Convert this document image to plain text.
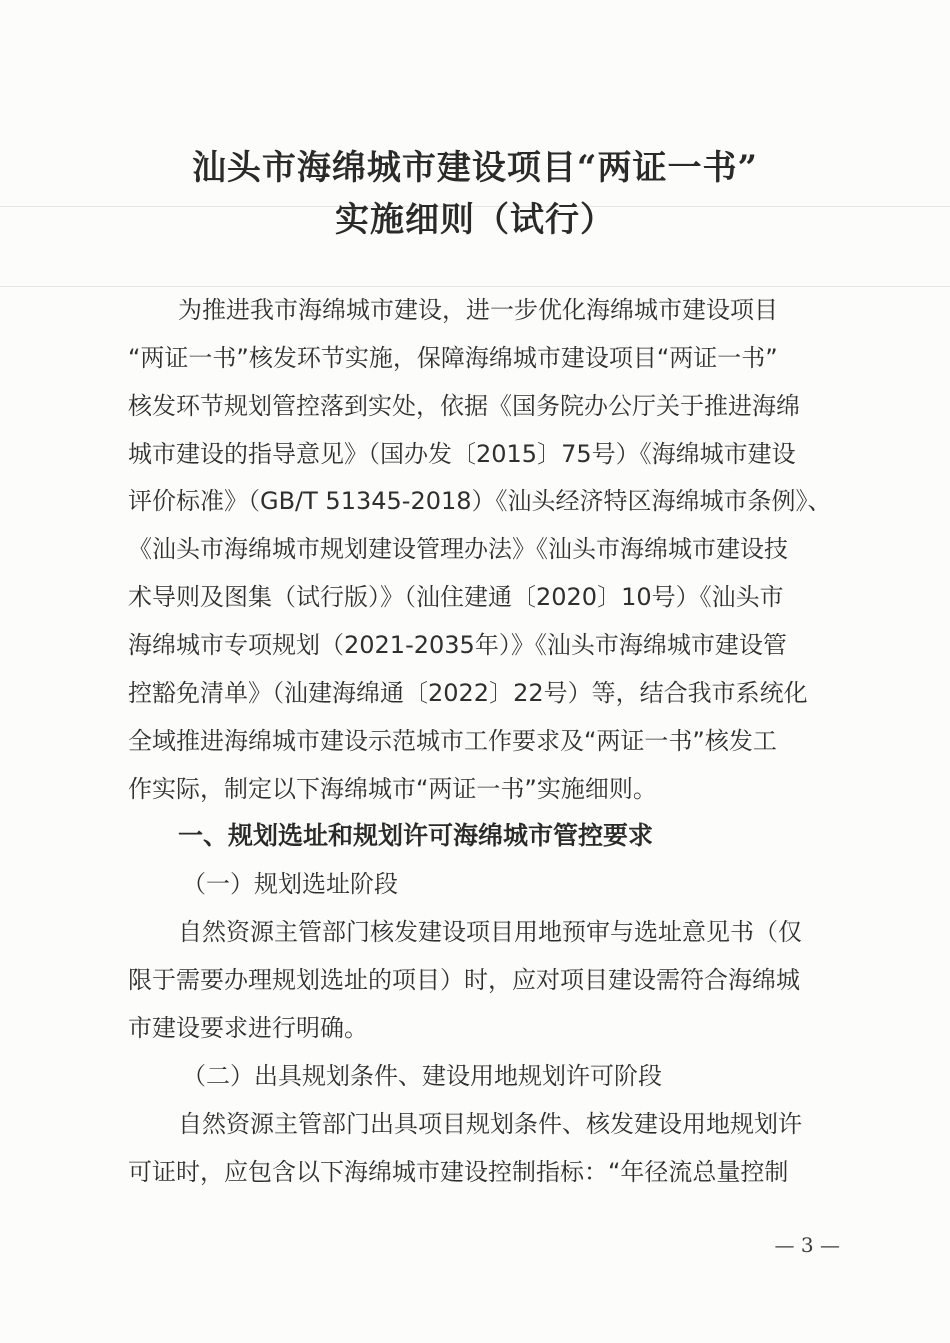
汕头市海绵城市建设项目“两证一书”
实施细则（试行）
为推进我市海绵城市建设，进一步优化海绵城市建设项目
“两证一书”核发环节实施，保障海绵城市建设项目“两证一书”
核发环节规划管控落到实处，依据《国务院办公厅关于推进海绵
城市建设的指导意见》（国办发〔2015〕75号）《海绵城市建设
评价标准》（GB/T 51345-2018）《汕头经济特区海绵城市条例》、
《汕头市海绵城市规划建设管理办法》《汕头市海绵城市建设技
术导则及图集（试行版）》（汕住建通〔2020〕10号）《汕头市
海绵城市专项规划（2021-2035年）》《汕头市海绵城市建设管
控豁免清单》（汕建海绵通〔2022〕22号）等，结合我市系统化
全域推进海绵城市建设示范城市工作要求及“两证一书”核发工
作实际，制定以下海绵城市“两证一书”实施细则。
一、规划选址和规划许可海绵城市管控要求
（一）规划选址阶段
自然资源主管部门核发建设项目用地预审与选址意见书（仅
限于需要办理规划选址的项目）时，应对项目建设需符合海绵城
市建设要求进行明确。
（二）出具规划条件、建设用地规划许可阶段
自然资源主管部门出具项目规划条件、核发建设用地规划许
可证时，应包含以下海绵城市建设控制指标：“年径流总量控制
— 3 —
